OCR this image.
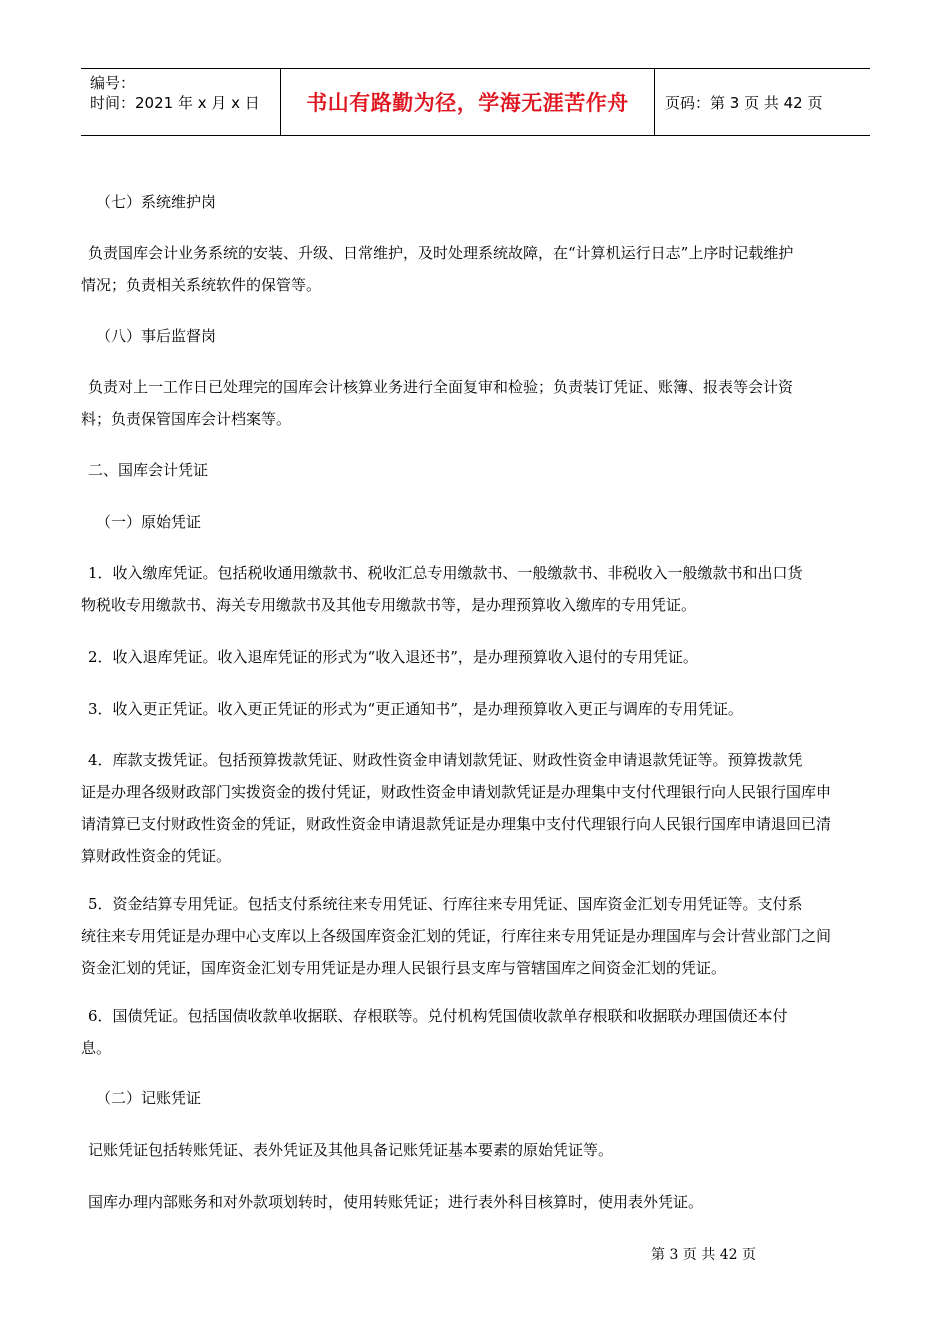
编号：
时间：2021 年 x 月 x 日	书山有路勤为径，学海无涯苦作舟	页码：第 3 页 共 42 页
（七）系统维护岗
负责国库会计业务系统的安装、升级、日常维护，及时处理系统故障，在“计算机运行日志”上序时记载维护
情况；负责相关系统软件的保管等。
（八）事后监督岗
负责对上一工作日已处理完的国库会计核算业务进行全面复审和检验；负责装订凭证、账簿、报表等会计资
料；负责保管国库会计档案等。
二、国库会计凭证
（一）原始凭证
1．收入缴库凭证。包括税收通用缴款书、税收汇总专用缴款书、一般缴款书、非税收入一般缴款书和出口货
物税收专用缴款书、海关专用缴款书及其他专用缴款书等，是办理预算收入缴库的专用凭证。
2．收入退库凭证。收入退库凭证的形式为“收入退还书”，是办理预算收入退付的专用凭证。
3．收入更正凭证。收入更正凭证的形式为“更正通知书”，是办理预算收入更正与调库的专用凭证。
4．库款支拨凭证。包括预算拨款凭证、财政性资金申请划款凭证、财政性资金申请退款凭证等。预算拨款凭
证是办理各级财政部门实拨资金的拨付凭证，财政性资金申请划款凭证是办理集中支付代理银行向人民银行国库申
请清算已支付财政性资金的凭证，财政性资金申请退款凭证是办理集中支付代理银行向人民银行国库申请退回已清
算财政性资金的凭证。
5．资金结算专用凭证。包括支付系统往来专用凭证、行库往来专用凭证、国库资金汇划专用凭证等。支付系
统往来专用凭证是办理中心支库以上各级国库资金汇划的凭证，行库往来专用凭证是办理国库与会计营业部门之间
资金汇划的凭证，国库资金汇划专用凭证是办理人民银行县支库与管辖国库之间资金汇划的凭证。
6．国债凭证。包括国债收款单收据联、存根联等。兑付机构凭国债收款单存根联和收据联办理国债还本付
息。
（二）记账凭证
记账凭证包括转账凭证、表外凭证及其他具备记账凭证基本要素的原始凭证等。
国库办理内部账务和对外款项划转时，使用转账凭证；进行表外科目核算时，使用表外凭证。
第 3 页 共 42 页
